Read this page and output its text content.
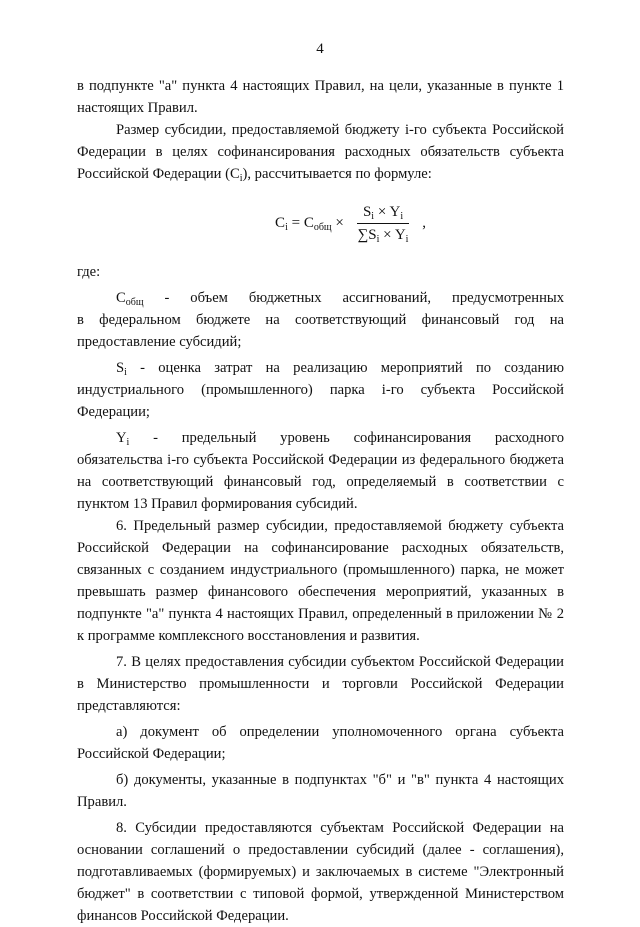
4

в подпункте "а" пункта 4 настоящих Правил, на цели, указанные в пункте 1 настоящих Правил.

Размер субсидии, предоставляемой бюджету i-го субъекта Российской Федерации в целях софинансирования расходных обязательств субъекта Российской Федерации $(C_i)$, рассчитывается по формуле:

$C_i = C_{общ} \times \frac{S_i \times Y_i}{\sum S_i \times Y_i}$ ,

где:

$C_{общ}$ - объем бюджетных ассигнований, предусмотренных

в федеральном бюджете на соответствующий финансовый год на предоставление субсидий;

$S_i$ - оценка затрат на реализацию мероприятий по созданию

индустриального (промышленного) парка i-го субъекта Российской Федерации;

$Y_i$ - предельный уровень софинансирования расходного

обязательства i-го субъекта Российской Федерации из федерального бюджета на соответствующий финансовый год, определяемый в соответствии с пунктом 13 Правил формирования субсидий.

6. Предельный размер субсидии, предоставляемой бюджету субъекта Российской Федерации на софинансирование расходных обязательств, связанных с созданием индустриального (промышленного) парка, не может превышать размер финансового обеспечения мероприятий, указанных в подпункте "а" пункта 4 настоящих Правил, определенный в приложении № 2 к программе комплексного восстановления и развития.

7. В целях предоставления субсидии субъектом Российской Федерации в Министерство промышленности и торговли Российской Федерации представляются:

а) документ об определении уполномоченного органа субъекта Российской Федерации;

б) документы, указанные в подпунктах "б" и "в" пункта 4 настоящих Правил.

8. Субсидии предоставляются субъектам Российской Федерации на основании соглашений о предоставлении субсидий (далее - соглашения), подготавливаемых (формируемых) и заключаемых в системе "Электронный бюджет" в соответствии с типовой формой, утвержденной Министерством финансов Российской Федерации.
